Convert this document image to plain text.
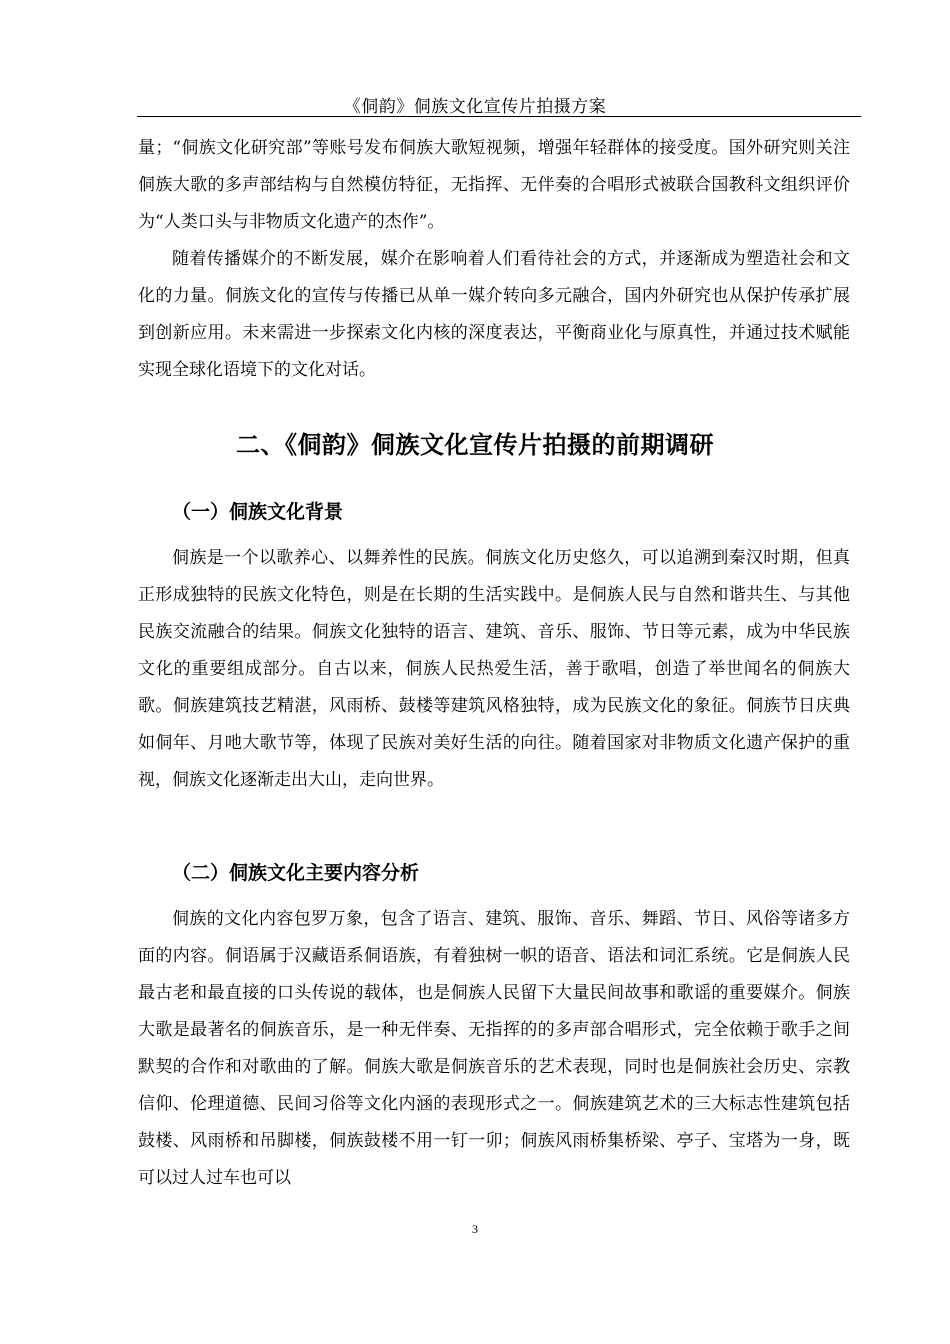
《侗韵》侗族文化宣传片拍摄方案

量；“侗族文化研究部”等账号发布侗族大歌短视频，增强年轻群体的接受度。国外研究则关注侗族大歌的多声部结构与自然模仿特征，无指挥、无伴奏的合唱形式被联合国教科文组织评价为“人类口头与非物质文化遗产的杰作”。

随着传播媒介的不断发展，媒介在影响着人们看待社会的方式，并逐渐成为塑造社会和文化的力量。侗族文化的宣传与传播已从单一媒介转向多元融合，国内外研究也从保护传承扩展到创新应用。未来需进一步探索文化内核的深度表达，平衡商业化与原真性，并通过技术赋能实现全球化语境下的文化对话。

二、《侗韵》侗族文化宣传片拍摄的前期调研
（一）侗族文化背景

侗族是一个以歌养心、以舞养性的民族。侗族文化历史悠久，可以追溯到秦汉时期，但真正形成独特的民族文化特色，则是在长期的生活实践中。是侗族人民与自然和谐共生、与其他民族交流融合的结果。侗族文化独特的语言、建筑、音乐、服饰、节日等元素，成为中华民族文化的重要组成部分。自古以来，侗族人民热爱生活，善于歌唱，创造了举世闻名的侗族大歌。侗族建筑技艺精湛，风雨桥、鼓楼等建筑风格独特，成为民族文化的象征。侗族节日庆典如侗年、月吔大歌节等，体现了民族对美好生活的向往。随着国家对非物质文化遗产保护的重视，侗族文化逐渐走出大山，走向世界。

（二）侗族文化主要内容分析

侗族的文化内容包罗万象，包含了语言、建筑、服饰、音乐、舞蹈、节日、风俗等诸多方面的内容。侗语属于汉藏语系侗语族，有着独树一帜的语音、语法和词汇系统。它是侗族人民最古老和最直接的口头传说的载体，也是侗族人民留下大量民间故事和歌谣的重要媒介。侗族大歌是最著名的侗族音乐，是一种无伴奏、无指挥的的多声部合唱形式，完全依赖于歌手之间默契的合作和对歌曲的了解。侗族大歌是侗族音乐的艺术表现，同时也是侗族社会历史、宗教信仰、伦理道德、民间习俗等文化内涵的表现形式之一。侗族建筑艺术的三大标志性建筑包括鼓楼、风雨桥和吊脚楼，侗族鼓楼不用一钉一卯；侗族风雨桥集桥梁、亭子、宝塔为一身，既可以过人过车也可以

3
